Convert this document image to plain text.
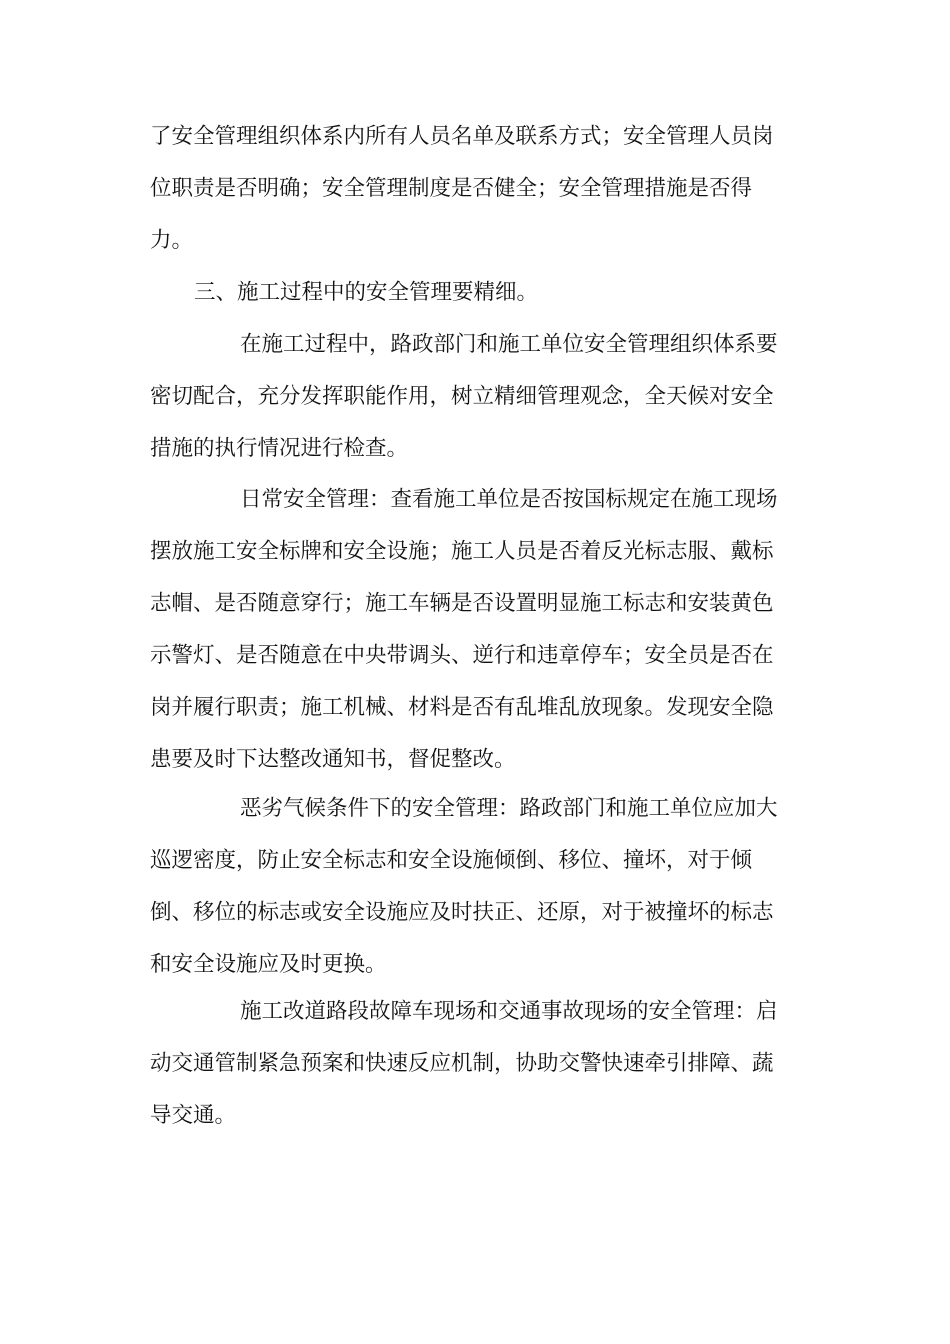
了安全管理组织体系内所有人员名单及联系方式；安全管理人员岗
位职责是否明确；安全管理制度是否健全；安全管理措施是否得
力。
三、施工过程中的安全管理要精细。
在施工过程中，路政部门和施工单位安全管理组织体系要
密切配合，充分发挥职能作用，树立精细管理观念，全天候对安全
措施的执行情况进行检查。
日常安全管理：查看施工单位是否按国标规定在施工现场
摆放施工安全标牌和安全设施；施工人员是否着反光标志服、戴标
志帽、是否随意穿行；施工车辆是否设置明显施工标志和安装黄色
示警灯、是否随意在中央带调头、逆行和违章停车；安全员是否在
岗并履行职责；施工机械、材料是否有乱堆乱放现象。发现安全隐
患要及时下达整改通知书，督促整改。
恶劣气候条件下的安全管理：路政部门和施工单位应加大
巡逻密度，防止安全标志和安全设施倾倒、移位、撞坏，对于倾
倒、移位的标志或安全设施应及时扶正、还原，对于被撞坏的标志
和安全设施应及时更换。
施工改道路段故障车现场和交通事故现场的安全管理：启
动交通管制紧急预案和快速反应机制，协助交警快速牵引排障、蔬
导交通。
